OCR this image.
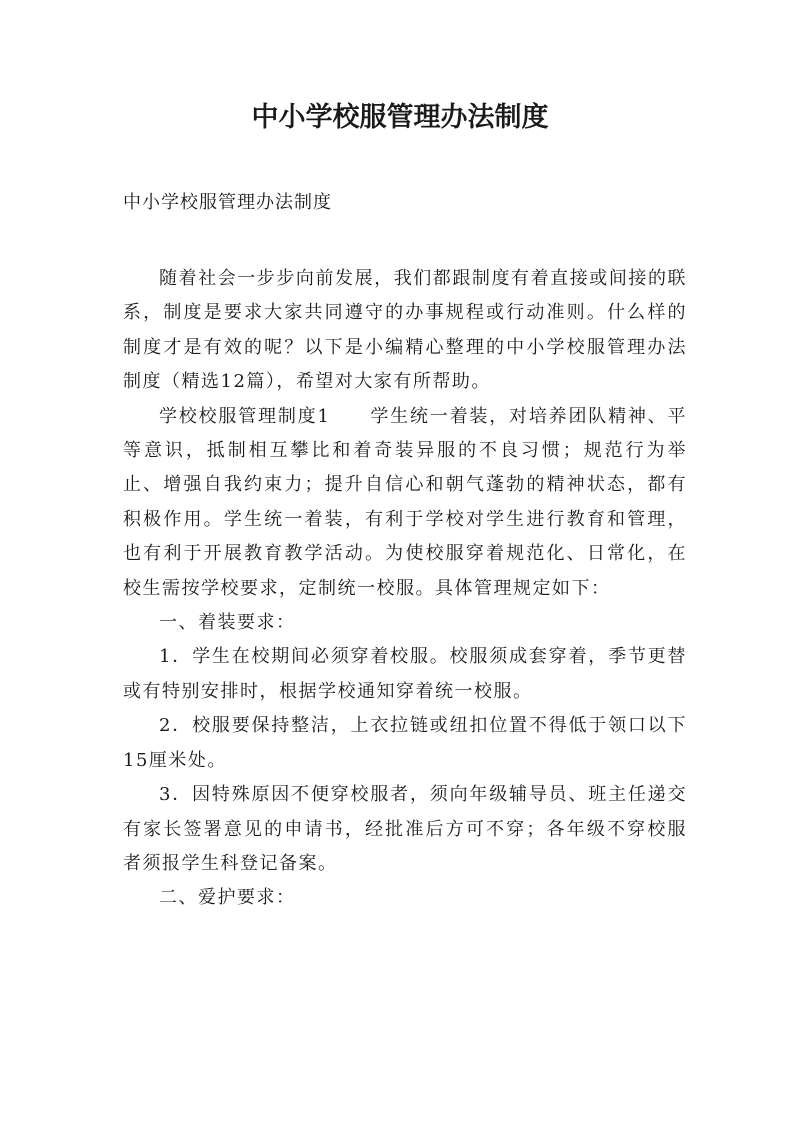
中小学校服管理办法制度
中小学校服管理办法制度

随着社会一步步向前发展，我们都跟制度有着直接或间接的联系，制度是要求大家共同遵守的办事规程或行动准则。什么样的制度才是有效的呢？以下是小编精心整理的中小学校服管理办法制度（精选12篇），希望对大家有所帮助。

学校校服管理制度1　　学生统一着装，对培养团队精神、平等意识，抵制相互攀比和着奇装异服的不良习惯；规范行为举止、增强自我约束力；提升自信心和朝气蓬勃的精神状态，都有积极作用。学生统一着装，有利于学校对学生进行教育和管理，也有利于开展教育教学活动。为使校服穿着规范化、日常化，在校生需按学校要求，定制统一校服。具体管理规定如下：

一、着装要求：

1．学生在校期间必须穿着校服。校服须成套穿着，季节更替或有特别安排时，根据学校通知穿着统一校服。

2．校服要保持整洁，上衣拉链或纽扣位置不得低于领口以下15厘米处。

3．因特殊原因不便穿校服者，须向年级辅导员、班主任递交有家长签署意见的申请书，经批准后方可不穿；各年级不穿校服者须报学生科登记备案。

二、爱护要求：
